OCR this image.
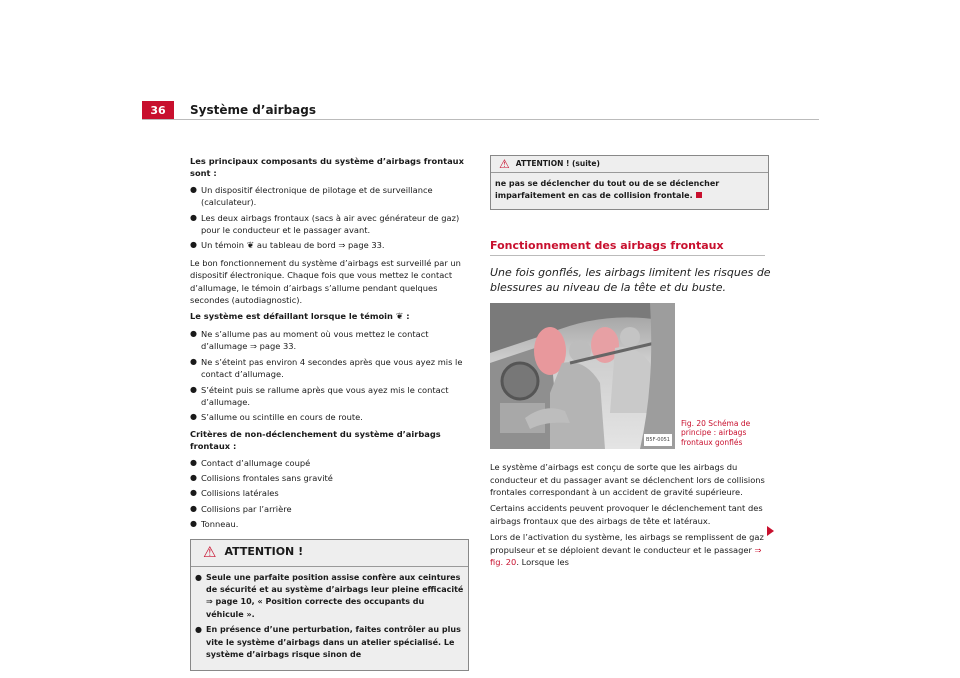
36	Système d’airbags

Les principaux composants du système d’airbags frontaux sont :

● Un dispositif électronique de pilotage et de surveillance (calculateur).
● Les deux airbags frontaux (sacs à air avec générateur de gaz) pour le conducteur et le passager avant.
● Un témoin ❦ au tableau de bord ⇒ page 33.

Le bon fonctionnement du système d’airbags est surveillé par un dispositif électronique. Chaque fois que vous mettez le contact d’allumage, le témoin d’airbags s’allume pendant quelques secondes (autodiagnostic).

Le système est défaillant lorsque le témoin ❦ :

● Ne s’allume pas au moment où vous mettez le contact d’allumage ⇒ page 33.
● Ne s’éteint pas environ 4 secondes après que vous ayez mis le contact d’allumage.
● S’éteint puis se rallume après que vous ayez mis le contact d’allumage.
● S’allume ou scintille en cours de route.

Critères de non-déclenchement du système d’airbags frontaux :

● Contact d’allumage coupé
● Collisions frontales sans gravité
● Collisions latérales
● Collisions par l’arrière
● Tonneau.
⚠ ATTENTION !
● Seule une parfaite position assise confère aux ceintures de sécurité et au système d’airbags leur pleine efficacité ⇒ page 10, « Position correcte des occupants du véhicule ».
● En présence d’une perturbation, faites contrôler au plus vite le système d’airbags dans un atelier spécialisé. Le système d’airbags risque sinon de
⚠ ATTENTION ! (suite)
ne pas se déclencher du tout ou de se déclencher imparfaitement en cas de collision frontale.
Fonctionnement des airbags frontaux
Une fois gonflés, les airbags limitent les risques de blessures au niveau de la tête et du buste.
B5F-0051
Fig. 20 Schéma de principe : airbags frontaux gonflés

Le système d’airbags est conçu de sorte que les airbags du conducteur et du passager avant se déclenchent lors de collisions frontales correspondant à un accident de gravité supérieure.

Certains accidents peuvent provoquer le déclenchement tant des airbags frontaux que des airbags de tête et latéraux.

Lors de l’activation du système, les airbags se remplissent de gaz propulseur et se déploient devant le conducteur et le passager ⇒ fig. 20. Lorsque les
